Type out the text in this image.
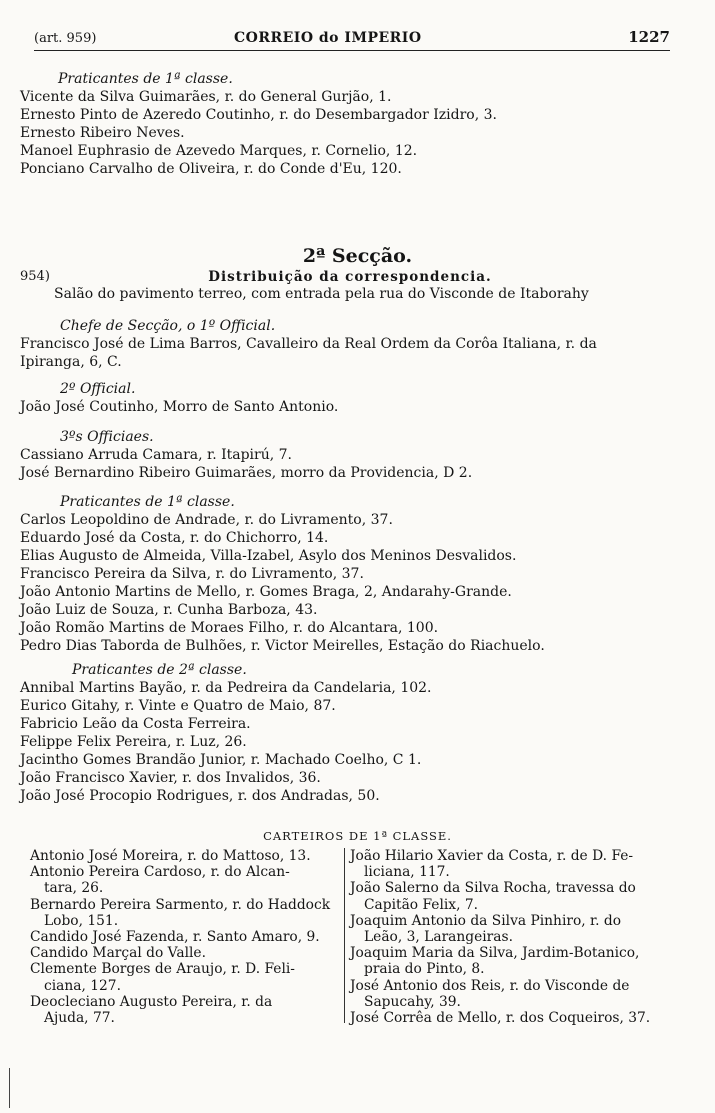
(art. 959)	CORREIO do IMPERIO	1227
Praticantes de 1ª classe.
Vicente da Silva Guimarães, r. do General Gurjão, 1.
Ernesto Pinto de Azeredo Coutinho, r. do Desembargador Izidro, 3.
Ernesto Ribeiro Neves.
Manoel Euphrasio de Azevedo Marques, r. Cornelio, 12.
Ponciano Carvalho de Oliveira, r. do Conde d'Eu, 120.
2ª Secção.
954)	Distribuição da correspondencia.
Salão do pavimento terreo, com entrada pela rua do Visconde de Itaborahy
Chefe de Secção, o 1º Official.
Francisco José de Lima Barros, Cavalleiro da Real Ordem da Corôa Italiana, r. da
Ipiranga, 6, C.
2º Official.
João José Coutinho, Morro de Santo Antonio.
3ºs Officiaes.
Cassiano Arruda Camara, r. Itapirú, 7.
José Bernardino Ribeiro Guimarães, morro da Providencia, D 2.
Praticantes de 1ª classe.
Carlos Leopoldino de Andrade, r. do Livramento, 37.
Eduardo José da Costa, r. do Chichorro, 14.
Elias Augusto de Almeida, Villa-Izabel, Asylo dos Meninos Desvalidos.
Francisco Pereira da Silva, r. do Livramento, 37.
João Antonio Martins de Mello, r. Gomes Braga, 2, Andarahy-Grande.
João Luiz de Souza, r. Cunha Barboza, 43.
João Romão Martins de Moraes Filho, r. do Alcantara, 100.
Pedro Dias Taborda de Bulhões, r. Victor Meirelles, Estação do Riachuelo.
Praticantes de 2ª classe.
Annibal Martins Bayão, r. da Pedreira da Candelaria, 102.
Eurico Gitahy, r. Vinte e Quatro de Maio, 87.
Fabricio Leão da Costa Ferreira.
Felippe Felix Pereira, r. Luz, 26.
Jacintho Gomes Brandão Junior, r. Machado Coelho, C 1.
João Francisco Xavier, r. dos Invalidos, 36.
João José Procopio Rodrigues, r. dos Andradas, 50.
CARTEIROS DE 1ª CLASSE.
Antonio José Moreira, r. do Mattoso, 13.
Antonio Pereira Cardoso, r. do Alcan-
tara, 26.
Bernardo Pereira Sarmento, r. do Haddock
Lobo, 151.
Candido José Fazenda, r. Santo Amaro, 9.
Candido Marçal do Valle.
Clemente Borges de Araujo, r. D. Feli-
ciana, 127.
Deocleciano Augusto Pereira, r. da
Ajuda, 77.
João Hilario Xavier da Costa, r. de D. Fe-
liciana, 117.
João Salerno da Silva Rocha, travessa do
Capitão Felix, 7.
Joaquim Antonio da Silva Pinhiro, r. do
Leão, 3, Larangeiras.
Joaquim Maria da Silva, Jardim-Botanico,
praia do Pinto, 8.
José Antonio dos Reis, r. do Visconde de
Sapucahy, 39.
José Corrêa de Mello, r. dos Coqueiros, 37.
